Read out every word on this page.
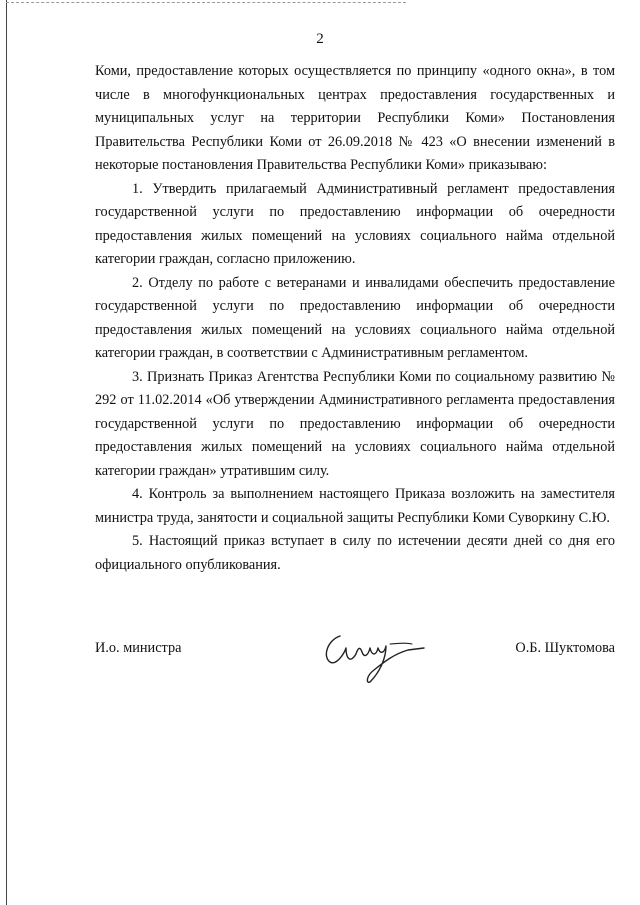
2

Коми, предоставление которых осуществляется по принципу «одного окна», в том числе в многофункциональных центрах предоставления государственных и муниципальных услуг на территории Республики Коми» Постановления Правительства Республики Коми от 26.09.2018 № 423 «О внесении изменений в некоторые постановления Правительства Республики Коми» приказываю:

1. Утвердить прилагаемый Административный регламент предоставления государственной услуги по предоставлению информации об очередности предоставления жилых помещений на условиях социального найма отдельной категории граждан, согласно приложению.

2. Отделу по работе с ветеранами и инвалидами обеспечить предоставление государственной услуги по предоставлению информации об очередности предоставления жилых помещений на условиях социального найма отдельной категории граждан, в соответствии с Административным регламентом.

3. Признать Приказ Агентства Республики Коми по социальному развитию № 292 от 11.02.2014 «Об утверждении Административного регламента предоставления государственной услуги по предоставлению информации об очередности предоставления жилых помещений на условиях социального найма отдельной категории граждан» утратившим силу.

4. Контроль за выполнением настоящего Приказа возложить на заместителя министра труда, занятости и социальной защиты Республики Коми Суворкину С.Ю.

5. Настоящий приказ вступает в силу по истечении десяти дней со дня его официального опубликования.

И.о. министра	О.Б. Шуктомова
